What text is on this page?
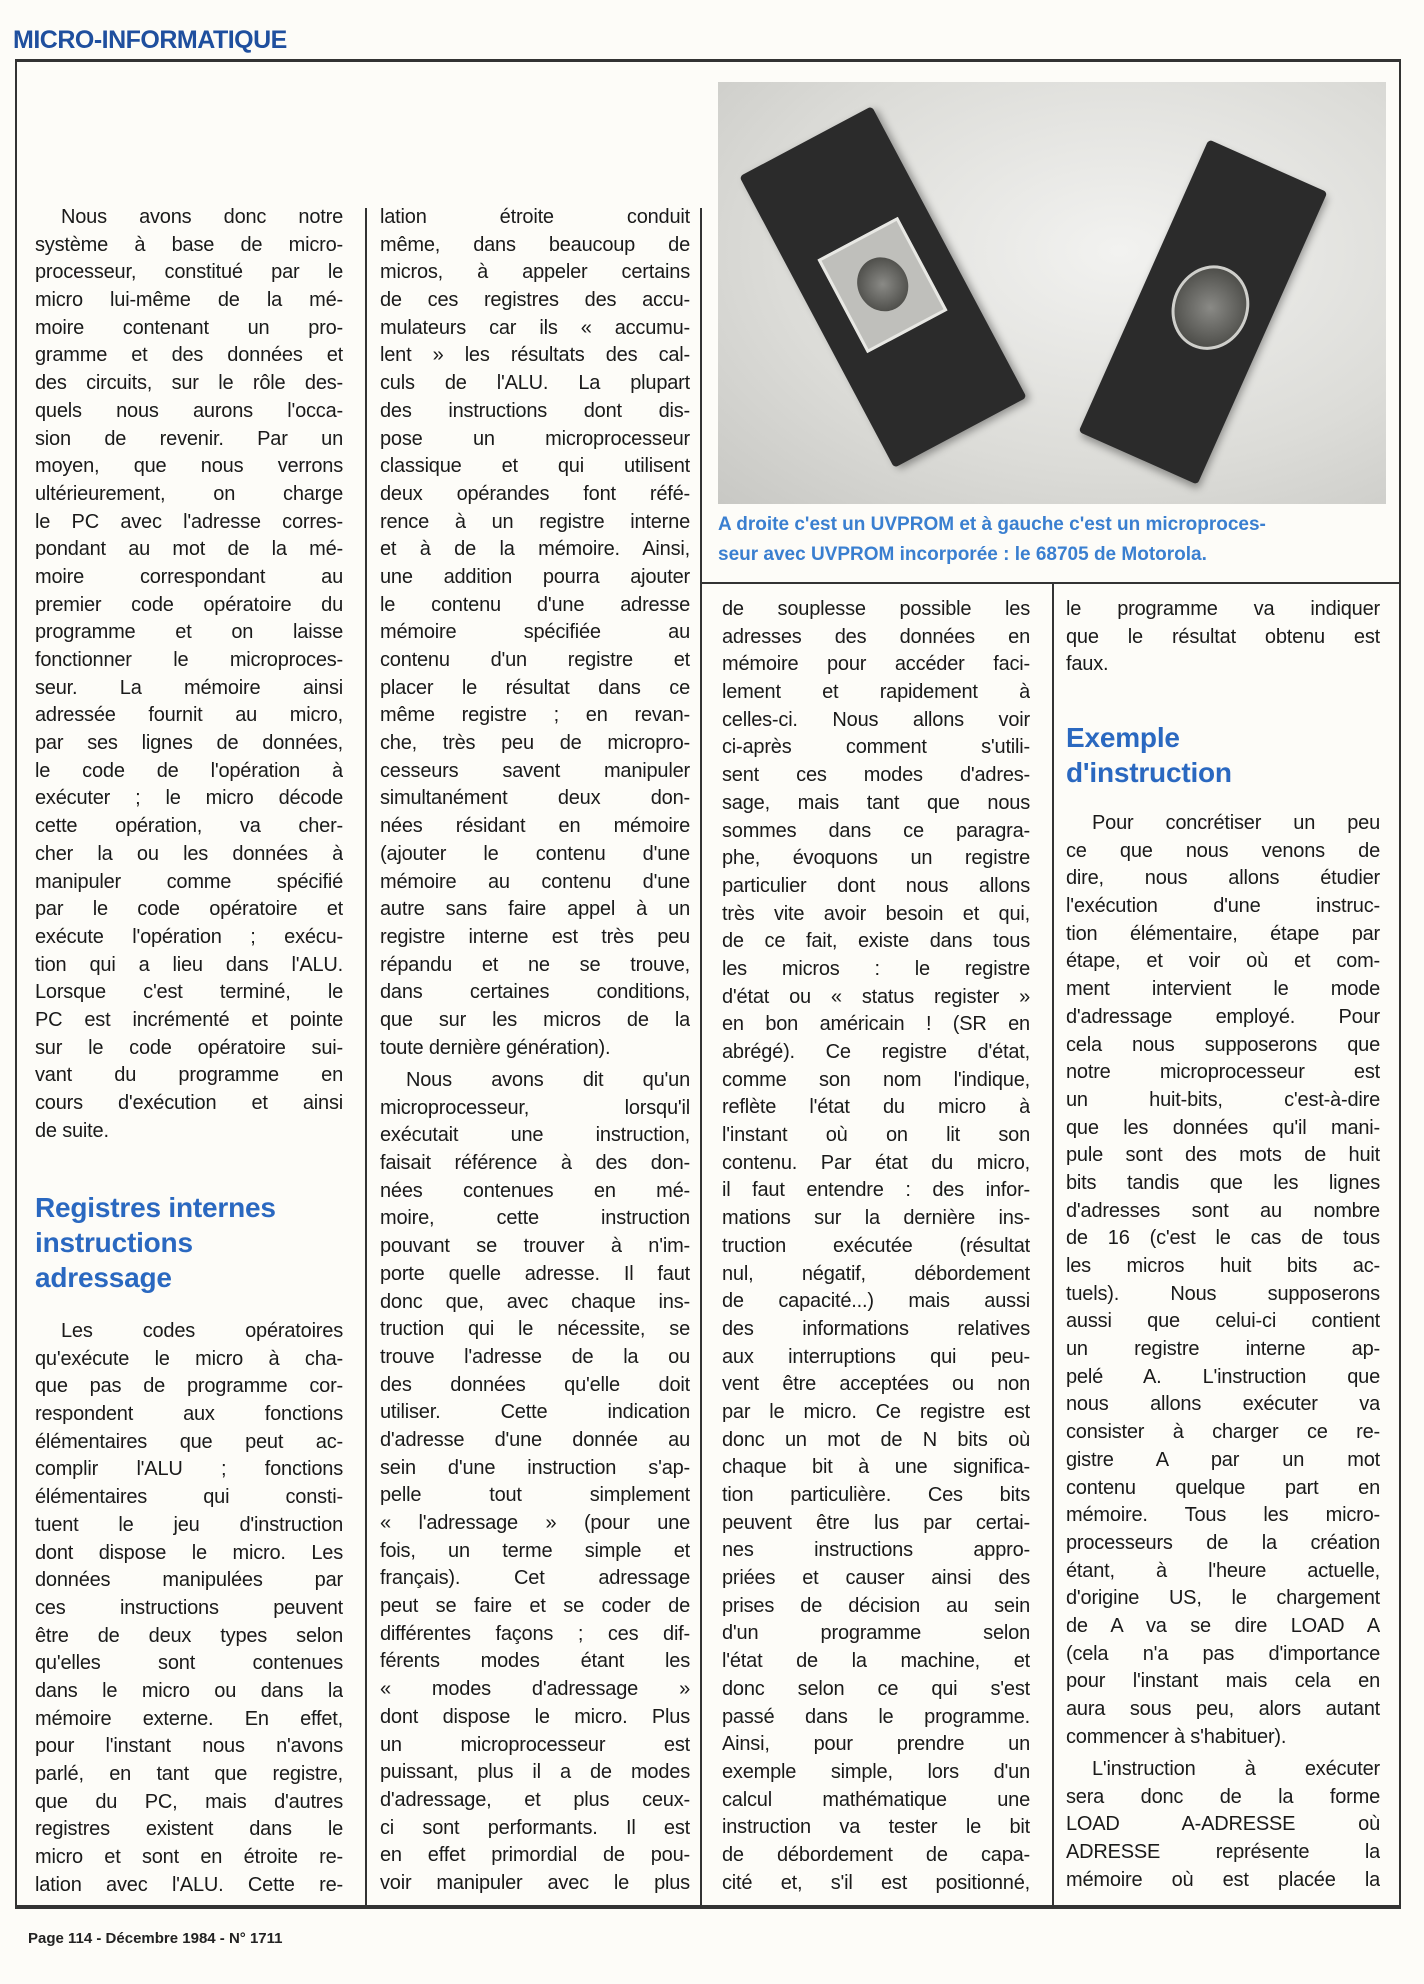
MICRO-INFORMATIQUE
A droite c'est un UVPROM et à gauche c'est un microproces-
seur avec UVPROM incorporée : le 68705 de Motorola.
Nous avons donc notre
système à base de micro-
processeur, constitué par le
micro lui-même de la mé-
moire contenant un pro-
gramme et des données et
des circuits, sur le rôle des-
quels nous aurons l'occa-
sion de revenir. Par un
moyen, que nous verrons
ultérieurement, on charge
le PC avec l'adresse corres-
pondant au mot de la mé-
moire correspondant au
premier code opératoire du
programme et on laisse
fonctionner le microproces-
seur. La mémoire ainsi
adressée fournit au micro,
par ses lignes de données,
le code de l'opération à
exécuter ; le micro décode
cette opération, va cher-
cher la ou les données à
manipuler comme spécifié
par le code opératoire et
exécute l'opération ; exécu-
tion qui a lieu dans l'ALU.
Lorsque c'est terminé, le
PC est incrémenté et pointe
sur le code opératoire sui-
vant du programme en
cours d'exécution et ainsi
de suite.
Registres internes
instructions
adressage
Les codes opératoires
qu'exécute le micro à cha-
que pas de programme cor-
respondent aux fonctions
élémentaires que peut ac-
complir l'ALU ; fonctions
élémentaires qui consti-
tuent le jeu d'instruction
dont dispose le micro. Les
données manipulées par
ces instructions peuvent
être de deux types selon
qu'elles sont contenues
dans le micro ou dans la
mémoire externe. En effet,
pour l'instant nous n'avons
parlé, en tant que registre,
que du PC, mais d'autres
registres existent dans le
micro et sont en étroite re-
lation avec l'ALU. Cette re-
lation étroite conduit
même, dans beaucoup de
micros, à appeler certains
de ces registres des accu-
mulateurs car ils « accumu-
lent » les résultats des cal-
culs de l'ALU. La plupart
des instructions dont dis-
pose un microprocesseur
classique et qui utilisent
deux opérandes font réfé-
rence à un registre interne
et à de la mémoire. Ainsi,
une addition pourra ajouter
le contenu d'une adresse
mémoire spécifiée au
contenu d'un registre et
placer le résultat dans ce
même registre ; en revan-
che, très peu de micropro-
cesseurs savent manipuler
simultanément deux don-
nées résidant en mémoire
(ajouter le contenu d'une
mémoire au contenu d'une
autre sans faire appel à un
registre interne est très peu
répandu et ne se trouve,
dans certaines conditions,
que sur les micros de la
toute dernière génération).
Nous avons dit qu'un
microprocesseur, lorsqu'il
exécutait une instruction,
faisait référence à des don-
nées contenues en mé-
moire, cette instruction
pouvant se trouver à n'im-
porte quelle adresse. Il faut
donc que, avec chaque ins-
truction qui le nécessite, se
trouve l'adresse de la ou
des données qu'elle doit
utiliser. Cette indication
d'adresse d'une donnée au
sein d'une instruction s'ap-
pelle tout simplement
« l'adressage » (pour une
fois, un terme simple et
français). Cet adressage
peut se faire et se coder de
différentes façons ; ces dif-
férents modes étant les
« modes d'adressage »
dont dispose le micro. Plus
un microprocesseur est
puissant, plus il a de modes
d'adressage, et plus ceux-
ci sont performants. Il est
en effet primordial de pou-
voir manipuler avec le plus
de souplesse possible les
adresses des données en
mémoire pour accéder faci-
lement et rapidement à
celles-ci. Nous allons voir
ci-après comment s'utili-
sent ces modes d'adres-
sage, mais tant que nous
sommes dans ce paragra-
phe, évoquons un registre
particulier dont nous allons
très vite avoir besoin et qui,
de ce fait, existe dans tous
les micros : le registre
d'état ou « status register »
en bon américain ! (SR en
abrégé). Ce registre d'état,
comme son nom l'indique,
reflète l'état du micro à
l'instant où on lit son
contenu. Par état du micro,
il faut entendre : des infor-
mations sur la dernière ins-
truction exécutée (résultat
nul, négatif, débordement
de capacité...) mais aussi
des informations relatives
aux interruptions qui peu-
vent être acceptées ou non
par le micro. Ce registre est
donc un mot de N bits où
chaque bit à une significa-
tion particulière. Ces bits
peuvent être lus par certai-
nes instructions appro-
priées et causer ainsi des
prises de décision au sein
d'un programme selon
l'état de la machine, et
donc selon ce qui s'est
passé dans le programme.
Ainsi, pour prendre un
exemple simple, lors d'un
calcul mathématique une
instruction va tester le bit
de débordement de capa-
cité et, s'il est positionné,
le programme va indiquer
que le résultat obtenu est
faux.
Exemple
d'instruction
Pour concrétiser un peu
ce que nous venons de
dire, nous allons étudier
l'exécution d'une instruc-
tion élémentaire, étape par
étape, et voir où et com-
ment intervient le mode
d'adressage employé. Pour
cela nous supposerons que
notre microprocesseur est
un huit-bits, c'est-à-dire
que les données qu'il mani-
pule sont des mots de huit
bits tandis que les lignes
d'adresses sont au nombre
de 16 (c'est le cas de tous
les micros huit bits ac-
tuels). Nous supposerons
aussi que celui-ci contient
un registre interne ap-
pelé A. L'instruction que
nous allons exécuter va
consister à charger ce re-
gistre A par un mot
contenu quelque part en
mémoire. Tous les micro-
processeurs de la création
étant, à l'heure actuelle,
d'origine US, le chargement
de A va se dire LOAD A
(cela n'a pas d'importance
pour l'instant mais cela en
aura sous peu, alors autant
commencer à s'habituer).
L'instruction à exécuter
sera donc de la forme
LOAD A-ADRESSE où
ADRESSE représente la
mémoire où est placée la
Page 114 - Décembre 1984 - N° 1711
